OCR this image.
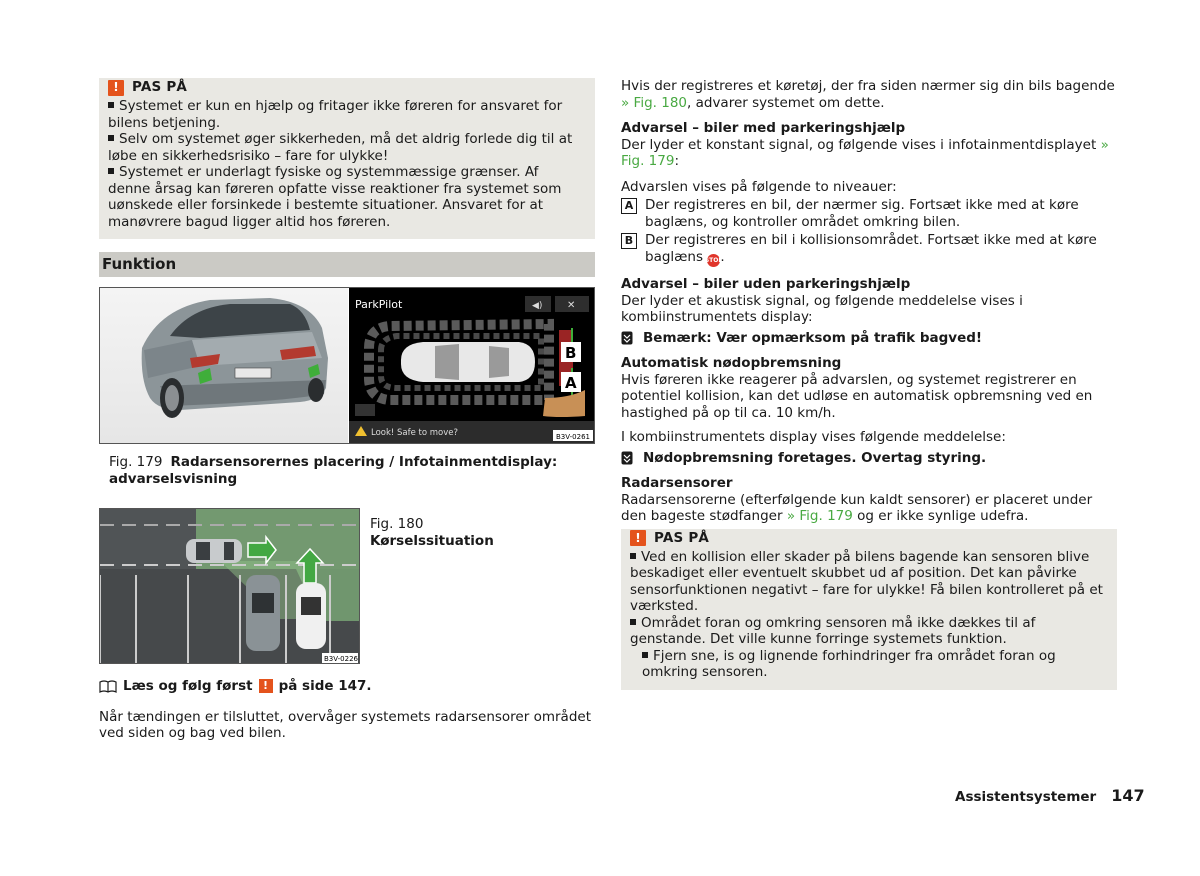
! PAS PÅ
Systemet er kun en hjælp og fritager ikke føreren for ansvaret for bilens betjening.
Selv om systemet øger sikkerheden, må det aldrig forlede dig til at løbe en sikkerhedsrisiko – fare for ulykke!
Systemet er underlagt fysiske og systemmæssige grænser. Af denne årsag kan føreren opfatte visse reaktioner fra systemet som uønskede eller forsinkede i bestemte situationer. Ansvaret for at manøvrere bagud ligger altid hos føreren.
Funktion
ParkPilot	◀) ✕
B
A
Look! Safe to move?	B3V-0261
Fig. 179 Radarsensorernes placering / Infotainmentdisplay: advarselsvisning
B3V-0226
Fig. 180
Kørselssituation
Læs og følg først ! på side 147.
Når tændingen er tilsluttet, overvåger systemets radarsensorer området ved siden og bag ved bilen.
Hvis der registreres et køretøj, der fra siden nærmer sig din bils bagende » Fig. 180, advarer systemet om dette.
Advarsel – biler med parkeringshjælp
Der lyder et konstant signal, og følgende vises i infotainmentdisplayet » Fig. 179:
Advarslen vises på følgende to niveauer:
A Der registreres en bil, der nærmer sig. Fortsæt ikke med at køre baglæns, og kontroller området omkring bilen.
B Der registreres en bil i kollisionsområdet. Fortsæt ikke med at køre baglæns STOP.
Advarsel – biler uden parkeringshjælp
Der lyder et akustisk signal, og følgende meddelelse vises i kombiinstrumentets display:
Bemærk: Vær opmærksom på trafik bagved!
Automatisk nødopbremsning
Hvis føreren ikke reagerer på advarslen, og systemet registrerer en potentiel kollision, kan det udløse en automatisk opbremsning ved en hastighed på op til ca. 10 km/h.
I kombiinstrumentets display vises følgende meddelelse:
Nødopbremsning foretages. Overtag styring.
Radarsensorer
Radarsensorerne (efterfølgende kun kaldt sensorer) er placeret under den bageste stødfanger » Fig. 179 og er ikke synlige udefra.
! PAS PÅ
Ved en kollision eller skader på bilens bagende kan sensoren blive beskadiget eller eventuelt skubbet ud af position. Det kan påvirke sensorfunktionen negativt – fare for ulykke! Få bilen kontrolleret på et værksted.
Området foran og omkring sensoren må ikke dækkes til af genstande. Det ville kunne forringe systemets funktion.
Fjern sne, is og lignende forhindringer fra området foran og omkring sensoren.
Assistentsystemer 147
